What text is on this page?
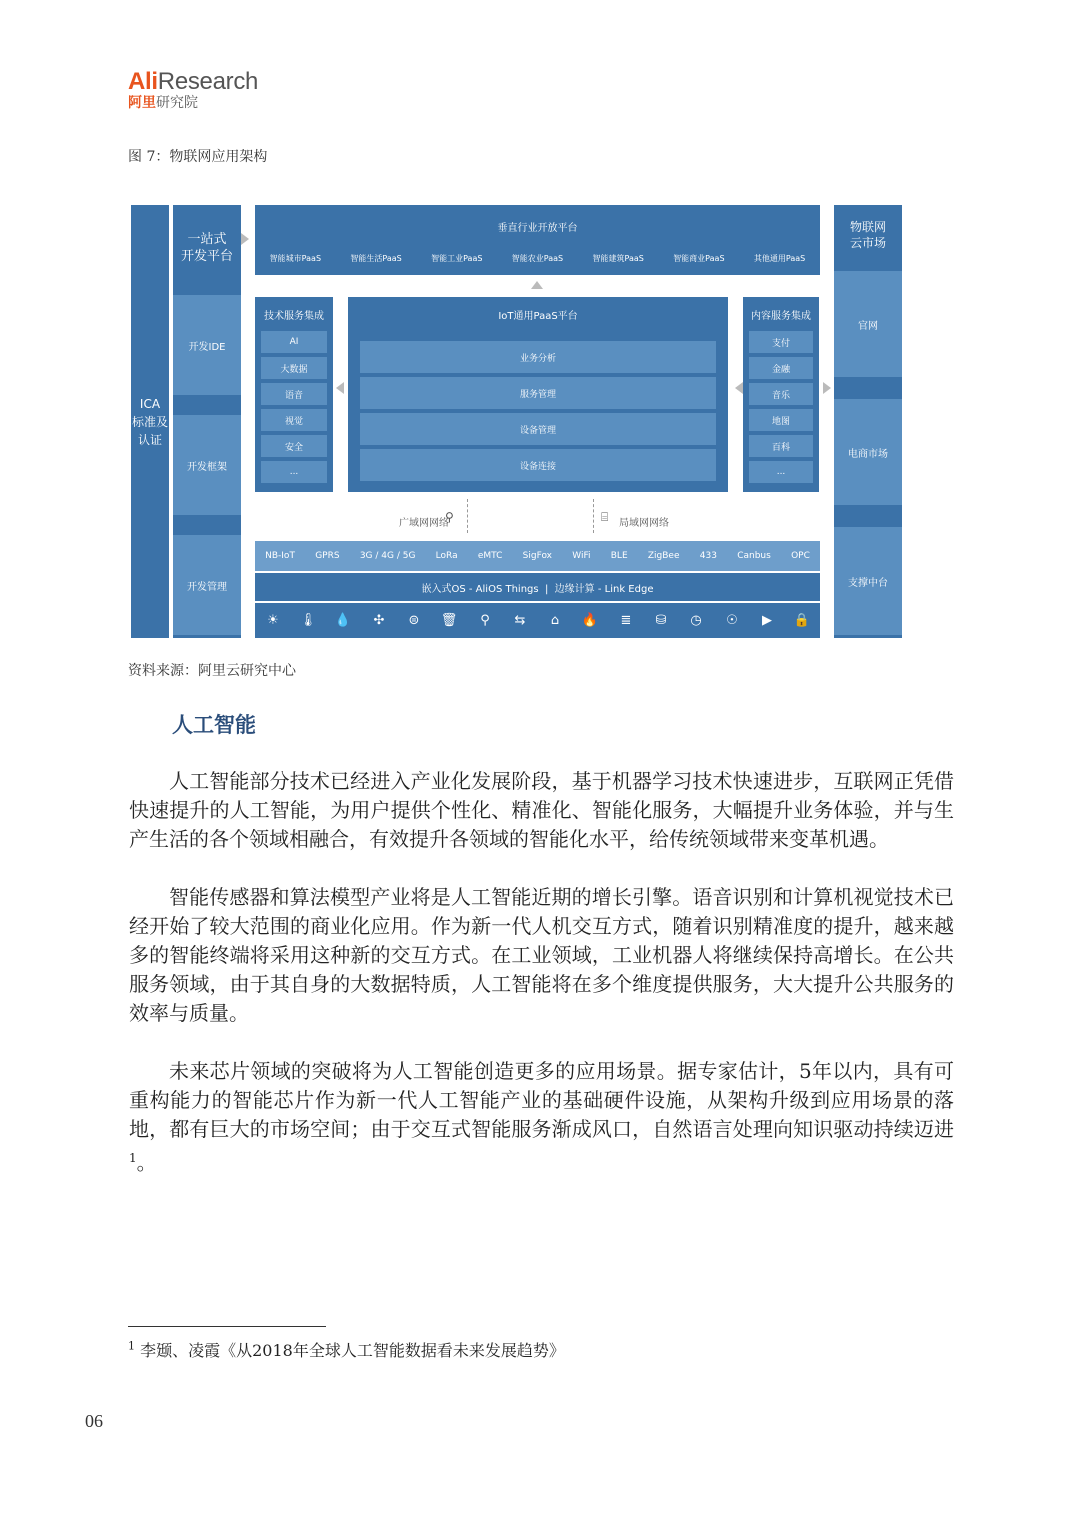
AliResearch
阿里研究院
图 7：物联网应用架构
ICA
标准及
认证
一站式
开发平台
开发IDE
开发框架
开发管理
垂直行业开放平台
智能城市PaaS	智能生活PaaS	智能工业PaaS	智能农业PaaS	智能建筑PaaS	智能商业PaaS	其他通用PaaS
技术服务集成
AI
大数据
语音
视觉
安全
...
IoT通用PaaS平台
业务分析
服务管理
设备管理
设备连接
内容服务集成
支付
金融
音乐
地图
百科
...
物联网
云市场
官网
电商市场
支撑中台
广域网网络
⚲	⌸ 局域网网络
NB-IoT GPRS 3G / 4G / 5G LoRa eMTC SigFox WiFi BLE ZigBee 433 Canbus OPC
嵌入式OS - AliOS Things  |  边缘计算 - Link Edge
☀	🌡 💧	✣	⊜	🗑	⚲	⇆	⌂	🔥	≣	⛁	◷	☉	▶	🔒
资料来源：阿里云研究中心
人工智能

人工智能部分技术已经进入产业化发展阶段，基于机器学习技术快速进步，互联网正凭借快速提升的人工智能，为用户提供个性化、精准化、智能化服务，大幅提升业务体验，并与生产生活的各个领域相融合，有效提升各领域的智能化水平，给传统领域带来变革机遇。

智能传感器和算法模型产业将是人工智能近期的增长引擎。语音识别和计算机视觉技术已经开始了较大范围的商业化应用。作为新一代人机交互方式，随着识别精准度的提升，越来越多的智能终端将采用这种新的交互方式。在工业领域，工业机器人将继续保持高增长。在公共服务领域，由于其自身的大数据特质，人工智能将在多个维度提供服务，大大提升公共服务的效率与质量。

未来芯片领域的突破将为人工智能创造更多的应用场景。据专家估计，5年以内，具有可重构能力的智能芯片作为新一代人工智能产业的基础硬件设施，从架构升级到应用场景的落地，都有巨大的市场空间；由于交互式智能服务渐成风口，自然语言处理向知识驱动持续迈进$^1$。

$^1$ 李颋、凌霞《从2018年全球人工智能数据看未来发展趋势》
06
